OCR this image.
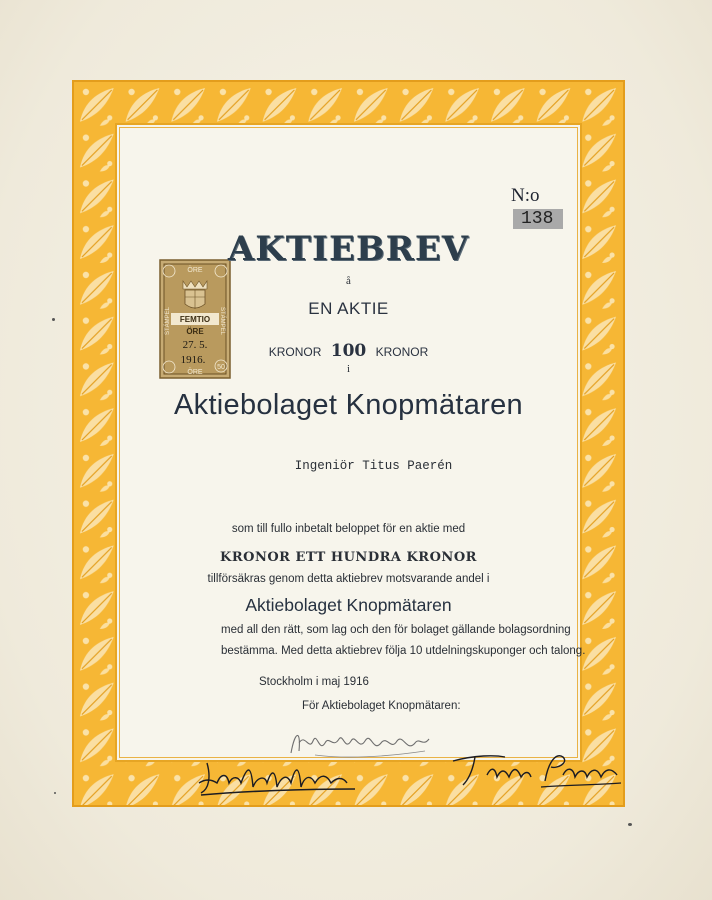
N:o 138
ÖRE
ÖRE
STÄMPEL	STÄMPEL
FEMTIO
ÖRE
27. 5.
1916.
50
AKTIEBREV
å
EN AKTIE
KRONOR 100 KRONOR
i
Aktiebolaget Knopmätaren
Ingeniör Titus Paerén
som till fullo inbetalt beloppet för en aktie med
KRONOR ETT HUNDRA KRONOR
tillförsäkras genom detta aktiebrev motsvarande andel i
Aktiebolaget Knopmätaren
med all den rätt, som lag och den för bolaget gällande bolagsordning
bestämma. Med detta aktiebrev följa 10 utdelningskuponger och talong.
Stockholm i maj 1916
För Aktiebolaget Knopmätaren:
